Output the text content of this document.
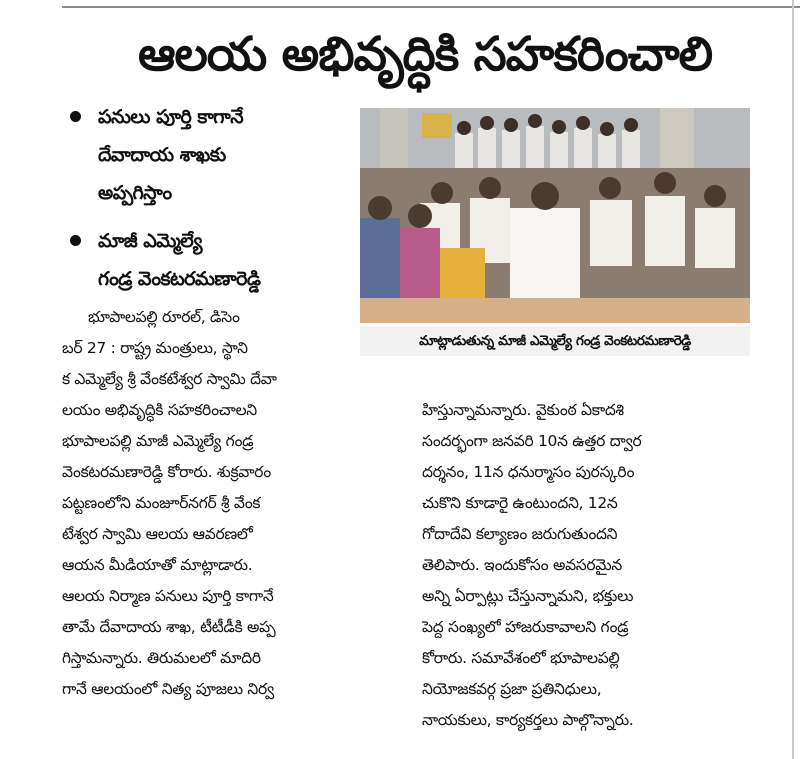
ఆలయ అభివృద్ధికి సహకరించాలి
పనులు పూర్తి కాగానే
దేవాదాయ శాఖకు
అప్పగిస్తాం
మాజీ ఎమ్మెల్యే
గండ్ర వెంకటరమణారెడ్డి
మాట్లాడుతున్న మాజీ ఎమ్మెల్యే గండ్ర వెంకటరమణారెడ్డి
భూపాలపల్లి రూరల్, డిసెం
బర్ 27 : రాష్ట్ర మంత్రులు, స్థాని
క ఎమ్మెల్యే శ్రీ వేంకటేశ్వర స్వామి దేవా
లయం అభివృద్ధికి సహకరించాలని
భూపాలపల్లి మాజీ ఎమ్మెల్యే గండ్ర
వెంకటరమణారెడ్డి కోరారు. శుక్రవారం
పట్టణంలోని మంజూర్‌నగర్ శ్రీ వేంక
టేశ్వర స్వామి ఆలయ ఆవరణలో
ఆయన మీడియాతో మాట్లాడారు.
ఆలయ నిర్మాణ పనులు పూర్తి కాగానే
తామే దేవాదాయ శాఖ, టీటీడీకి అప్ప
గిస్తామన్నారు. తిరుమలలో మాదిరి
గానే ఆలయంలో నిత్య పూజలు నిర్వ
హిస్తున్నామన్నారు. వైకుంఠ ఏకాదశి
సందర్భంగా జనవరి 10న ఉత్తర ద్వార
దర్శనం, 11న ధనుర్మాసం పురస్కరిం
చుకొని కూడారై ఉంటుందని, 12న
గోదాదేవి కల్యాణం జరుగుతుందని
తెలిపారు. ఇందుకోసం అవసరమైన
అన్ని ఏర్పాట్లు చేస్తున్నామని, భక్తులు
పెద్ద సంఖ్యలో హాజరుకావాలని గండ్ర
కోరారు. సమావేశంలో భూపాలపల్లి
నియోజకవర్గ ప్రజా ప్రతినిధులు,
నాయకులు, కార్యకర్తలు పాల్గొన్నారు.
